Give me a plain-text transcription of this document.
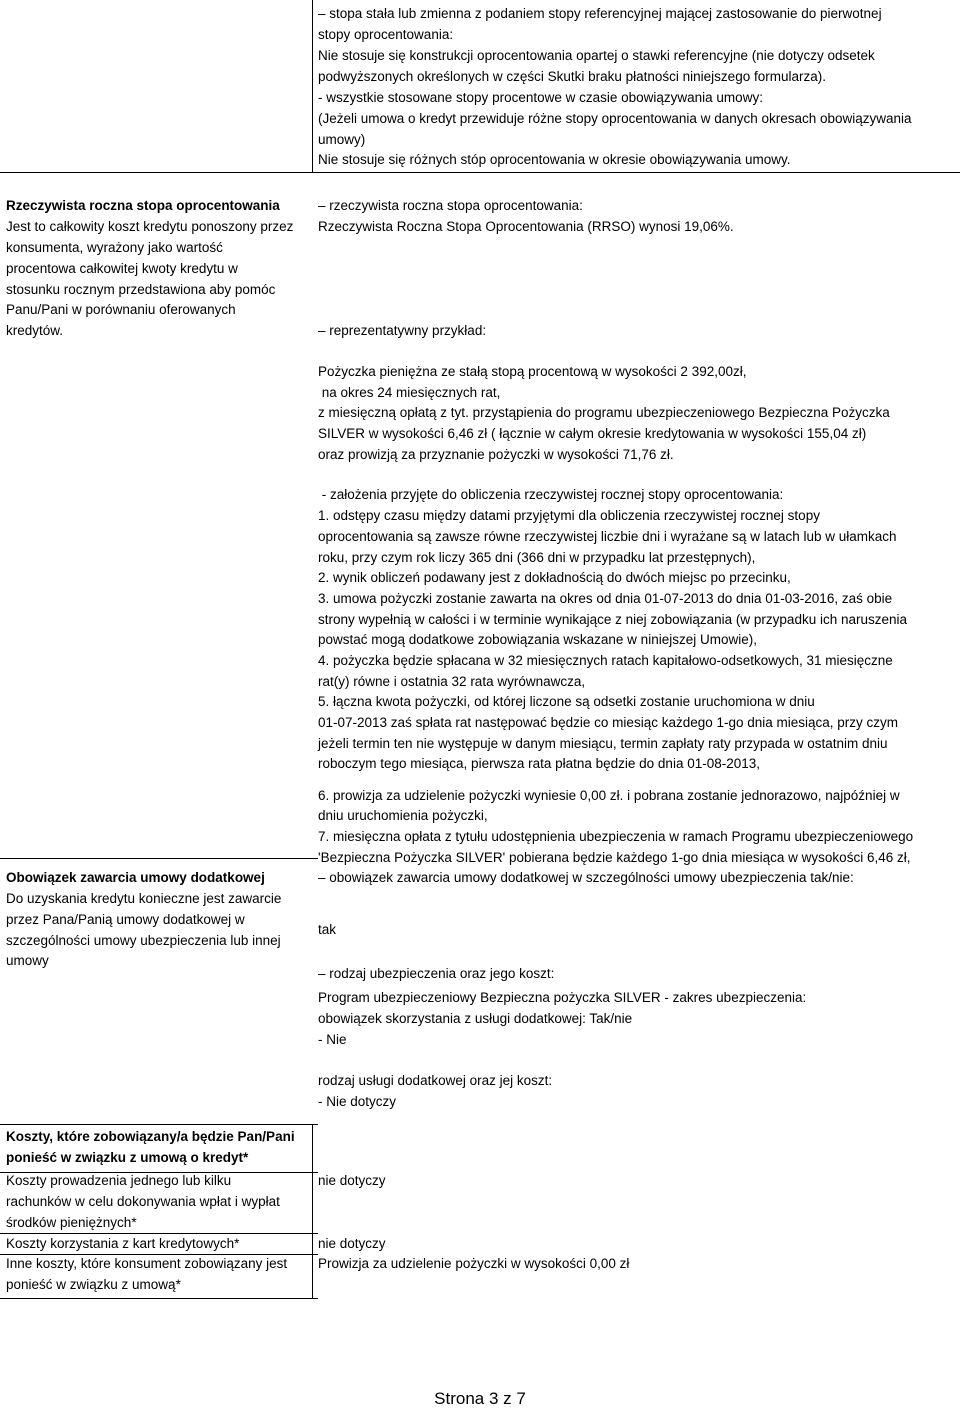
– stopa stała lub zmienna z podaniem stopy referencyjnej mającej zastosowanie do pierwotnej
stopy oprocentowania:
Nie stosuje się konstrukcji oprocentowania opartej o stawki referencyjne (nie dotyczy odsetek
podwyższonych określonych w części Skutki braku płatności niniejszego formularza).
- wszystkie stosowane stopy procentowe w czasie obowiązywania umowy:
(Jeżeli umowa o kredyt przewiduje różne stopy oprocentowania w danych okresach obowiązywania
umowy)
Nie stosuje się różnych stóp oprocentowania w okresie obowiązywania umowy.
Rzeczywista roczna stopa oprocentowania
Jest to całkowity koszt kredytu ponoszony przez
konsumenta, wyrażony jako wartość
procentowa całkowitej kwoty kredytu w
stosunku rocznym przedstawiona aby pomóc
Panu/Pani w porównaniu oferowanych
kredytów.
– rzeczywista roczna stopa oprocentowania:
Rzeczywista Roczna Stopa Oprocentowania (RRSO) wynosi 19,06%.
– reprezentatywny przykład:
Pożyczka pieniężna ze stałą stopą procentową w wysokości 2 392,00zł,
na okres 24 miesięcznych rat,
z miesięczną opłatą z tyt. przystąpienia do programu ubezpieczeniowego Bezpieczna Pożyczka
SILVER w wysokości 6,46 zł ( łącznie w całym okresie kredytowania w wysokości 155,04 zł)
oraz prowizją za przyznanie pożyczki w wysokości 71,76 zł.
- założenia przyjęte do obliczenia rzeczywistej rocznej stopy oprocentowania:
1. odstępy czasu między datami przyjętymi dla obliczenia rzeczywistej rocznej stopy
oprocentowania są zawsze równe rzeczywistej liczbie dni i wyrażane są w latach lub w ułamkach
roku, przy czym rok liczy 365 dni (366 dni w przypadku lat przestępnych),
2. wynik obliczeń podawany jest z dokładnością do dwóch miejsc po przecinku,
3. umowa pożyczki zostanie zawarta na okres od dnia 01-07-2013 do dnia 01-03-2016, zaś obie
strony wypełnią w całości i w terminie wynikające z niej zobowiązania (w przypadku ich naruszenia
powstać mogą dodatkowe zobowiązania wskazane w niniejszej Umowie),
4. pożyczka będzie spłacana w 32 miesięcznych ratach kapitałowo-odsetkowych, 31 miesięczne
rat(y) równe i ostatnia 32 rata wyrównawcza,
5. łączna kwota pożyczki, od której liczone są odsetki zostanie uruchomiona w dniu
01-07-2013 zaś spłata rat następować będzie co miesiąc każdego 1-go dnia miesiąca, przy czym
jeżeli termin ten nie występuje w danym miesiącu, termin zapłaty raty przypada w ostatnim dniu
roboczym tego miesiąca, pierwsza rata płatna będzie do dnia 01-08-2013,
6. prowizja za udzielenie pożyczki wyniesie 0,00 zł. i pobrana zostanie jednorazowo, najpóźniej w
dniu uruchomienia pożyczki,
7. miesięczna opłata z tytułu udostępnienia ubezpieczenia w ramach Programu ubezpieczeniowego
'Bezpieczna Pożyczka SILVER' pobierana będzie każdego 1-go dnia miesiąca w wysokości 6,46 zł,
Obowiązek zawarcia umowy dodatkowej
Do uzyskania kredytu konieczne jest zawarcie
przez Pana/Panią umowy dodatkowej w
szczególności umowy ubezpieczenia lub innej
umowy
– obowiązek zawarcia umowy dodatkowej w szczególności umowy ubezpieczenia tak/nie:
tak
– rodzaj ubezpieczenia oraz jego koszt:
Program ubezpieczeniowy Bezpieczna pożyczka SILVER - zakres ubezpieczenia:
obowiązek skorzystania z usługi dodatkowej: Tak/nie
- Nie
rodzaj usługi dodatkowej oraz jej koszt:
- Nie dotyczy
Koszty, które zobowiązany/a będzie Pan/Pani
ponieść w związku z umową o kredyt*
Koszty prowadzenia jednego lub kilku
rachunków w celu dokonywania wpłat i wypłat
środków pieniężnych*
nie dotyczy
Koszty korzystania z kart kredytowych*	nie dotyczy
Inne koszty, które konsument zobowiązany jest
ponieść w związku z umową*
Prowizja za udzielenie pożyczki w wysokości 0,00 zł
Strona 3 z 7
